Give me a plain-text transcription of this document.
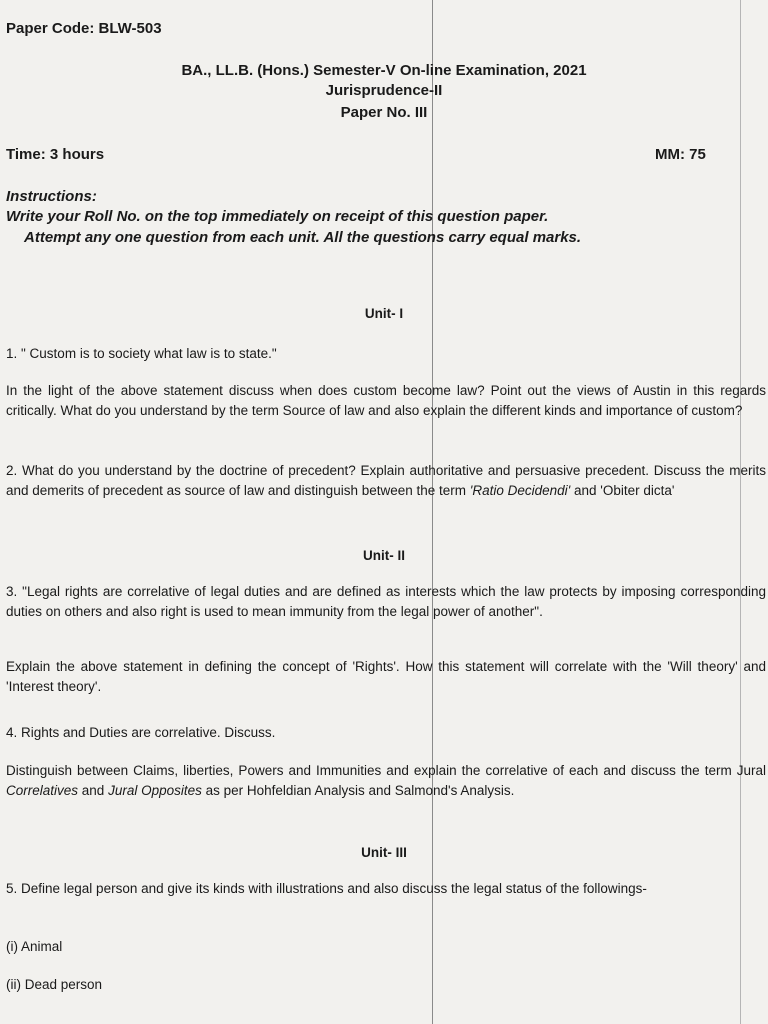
Paper Code: BLW-503

BA., LL.B. (Hons.) Semester-V On-line Examination, 2021

Jurisprudence-II

Paper No. III

Time: 3 hours	MM: 75

Instructions:

Write your Roll No. on the top immediately on receipt of this question paper.

Attempt any one question from each unit. All the questions carry equal marks.

Unit- I

1. " Custom is to society what law is to state."

In the light of the above statement discuss when does custom become law? Point out the views of Austin in this regards critically. What do you understand by the term Source of law and also explain the different kinds and importance of custom?

2. What do you understand by the doctrine of precedent? Explain authoritative and persuasive precedent. Discuss the merits and demerits of precedent as source of law and distinguish between the term 'Ratio Decidendi' and 'Obiter dicta'

Unit- II

3. "Legal rights are correlative of legal duties and are defined as interests which the law protects by imposing corresponding duties on others and also right is used to mean immunity from the legal power of another".

Explain the above statement in defining the concept of 'Rights'. How this statement will correlate with the 'Will theory' and 'Interest theory'.

4. Rights and Duties are correlative. Discuss.

Distinguish between Claims, liberties, Powers and Immunities and explain the correlative of each and discuss the term Jural Correlatives and Jural Opposites as per Hohfeldian Analysis and Salmond's Analysis.

Unit- III

5. Define legal person and give its kinds with illustrations and also discuss the legal status of the followings-

(i) Animal

(ii) Dead person
